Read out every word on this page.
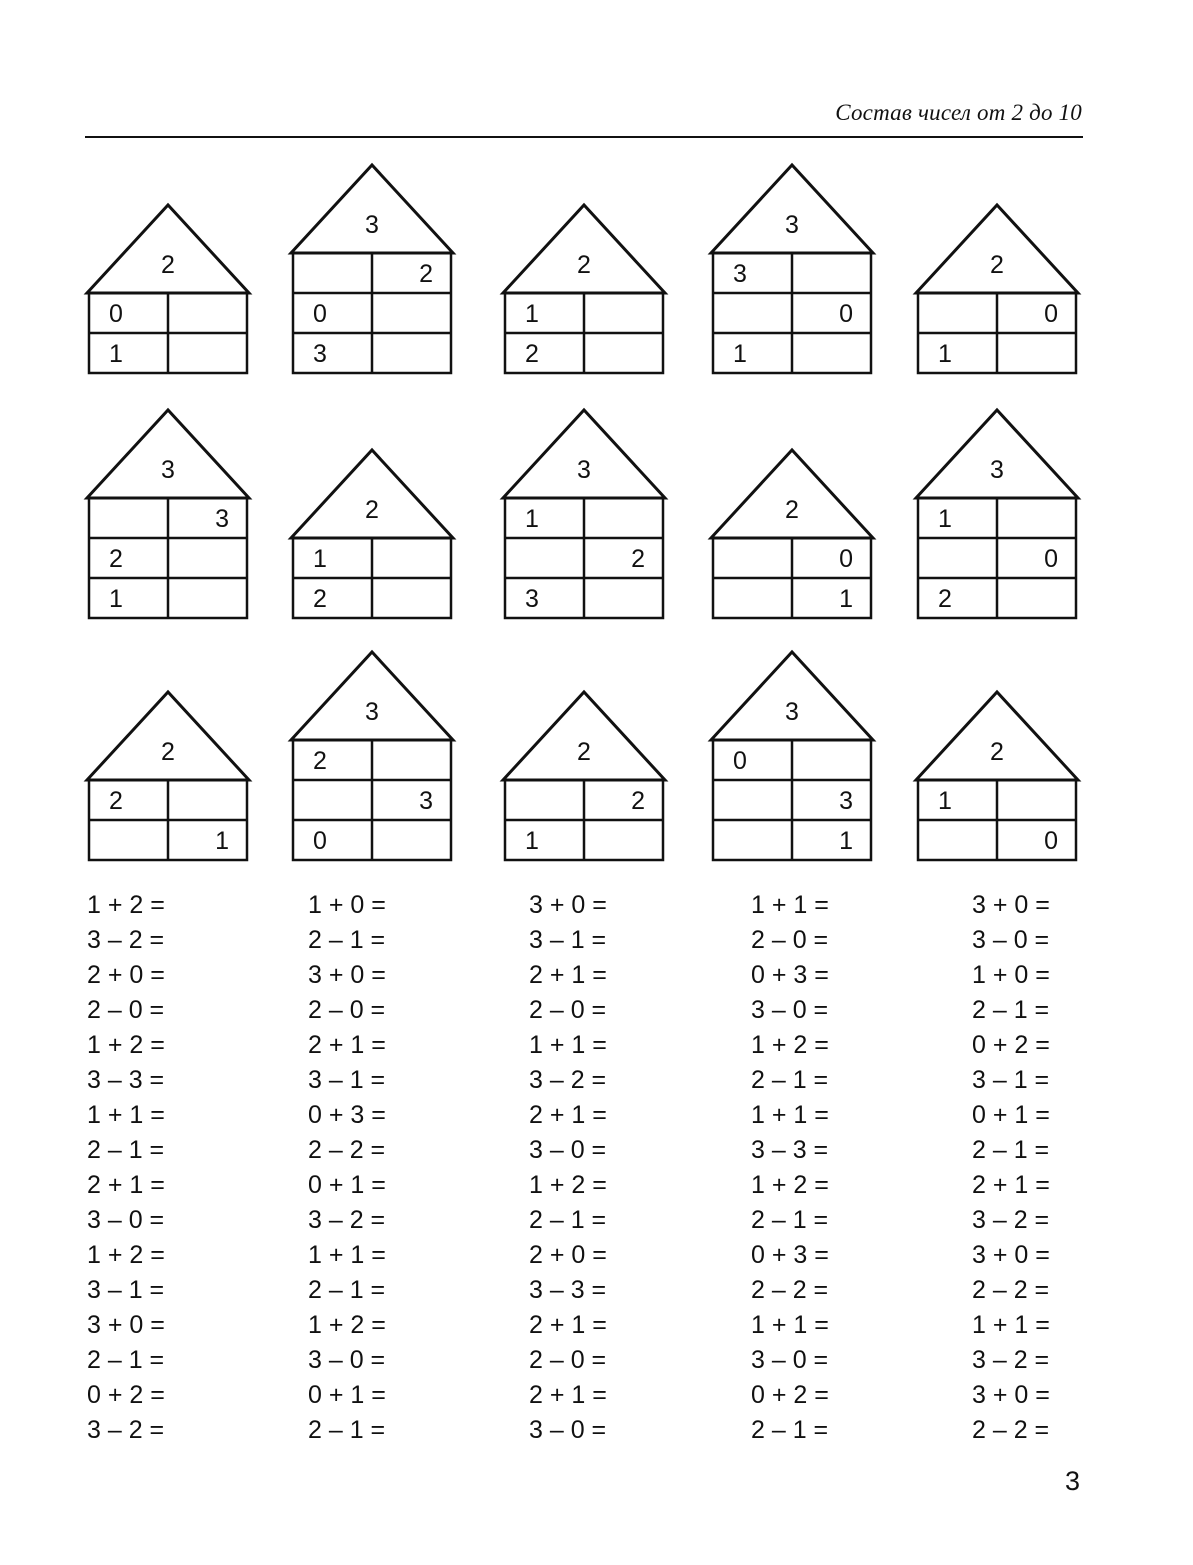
Состав чисел от 2 до 10
2
0
1
3
2
0
3
2
1
2
3
3
0
1
2
0
1
3
3
2
1
2
1
2
3
1
2
3
2
0
1
3
1
0
2
2
2
1
3
2
3
0
2
2
1
3
0
3
1
2
1
0
1 + 2 =
3 – 2 =
2 + 0 =
2 – 0 =
1 + 2 =
3 – 3 =
1 + 1 =
2 – 1 =
2 + 1 =
3 – 0 =
1 + 2 =
3 – 1 =
3 + 0 =
2 – 1 =
0 + 2 =
3 – 2 =
1 + 0 =
2 – 1 =
3 + 0 =
2 – 0 =
2 + 1 =
3 – 1 =
0 + 3 =
2 – 2 =
0 + 1 =
3 – 2 =
1 + 1 =
2 – 1 =
1 + 2 =
3 – 0 =
0 + 1 =
2 – 1 =
3 + 0 =
3 – 1 =
2 + 1 =
2 – 0 =
1 + 1 =
3 – 2 =
2 + 1 =
3 – 0 =
1 + 2 =
2 – 1 =
2 + 0 =
3 – 3 =
2 + 1 =
2 – 0 =
2 + 1 =
3 – 0 =
1 + 1 =
2 – 0 =
0 + 3 =
3 – 0 =
1 + 2 =
2 – 1 =
1 + 1 =
3 – 3 =
1 + 2 =
2 – 1 =
0 + 3 =
2 – 2 =
1 + 1 =
3 – 0 =
0 + 2 =
2 – 1 =
3 + 0 =
3 – 0 =
1 + 0 =
2 – 1 =
0 + 2 =
3 – 1 =
0 + 1 =
2 – 1 =
2 + 1 =
3 – 2 =
3 + 0 =
2 – 2 =
1 + 1 =
3 – 2 =
3 + 0 =
2 – 2 =
3
